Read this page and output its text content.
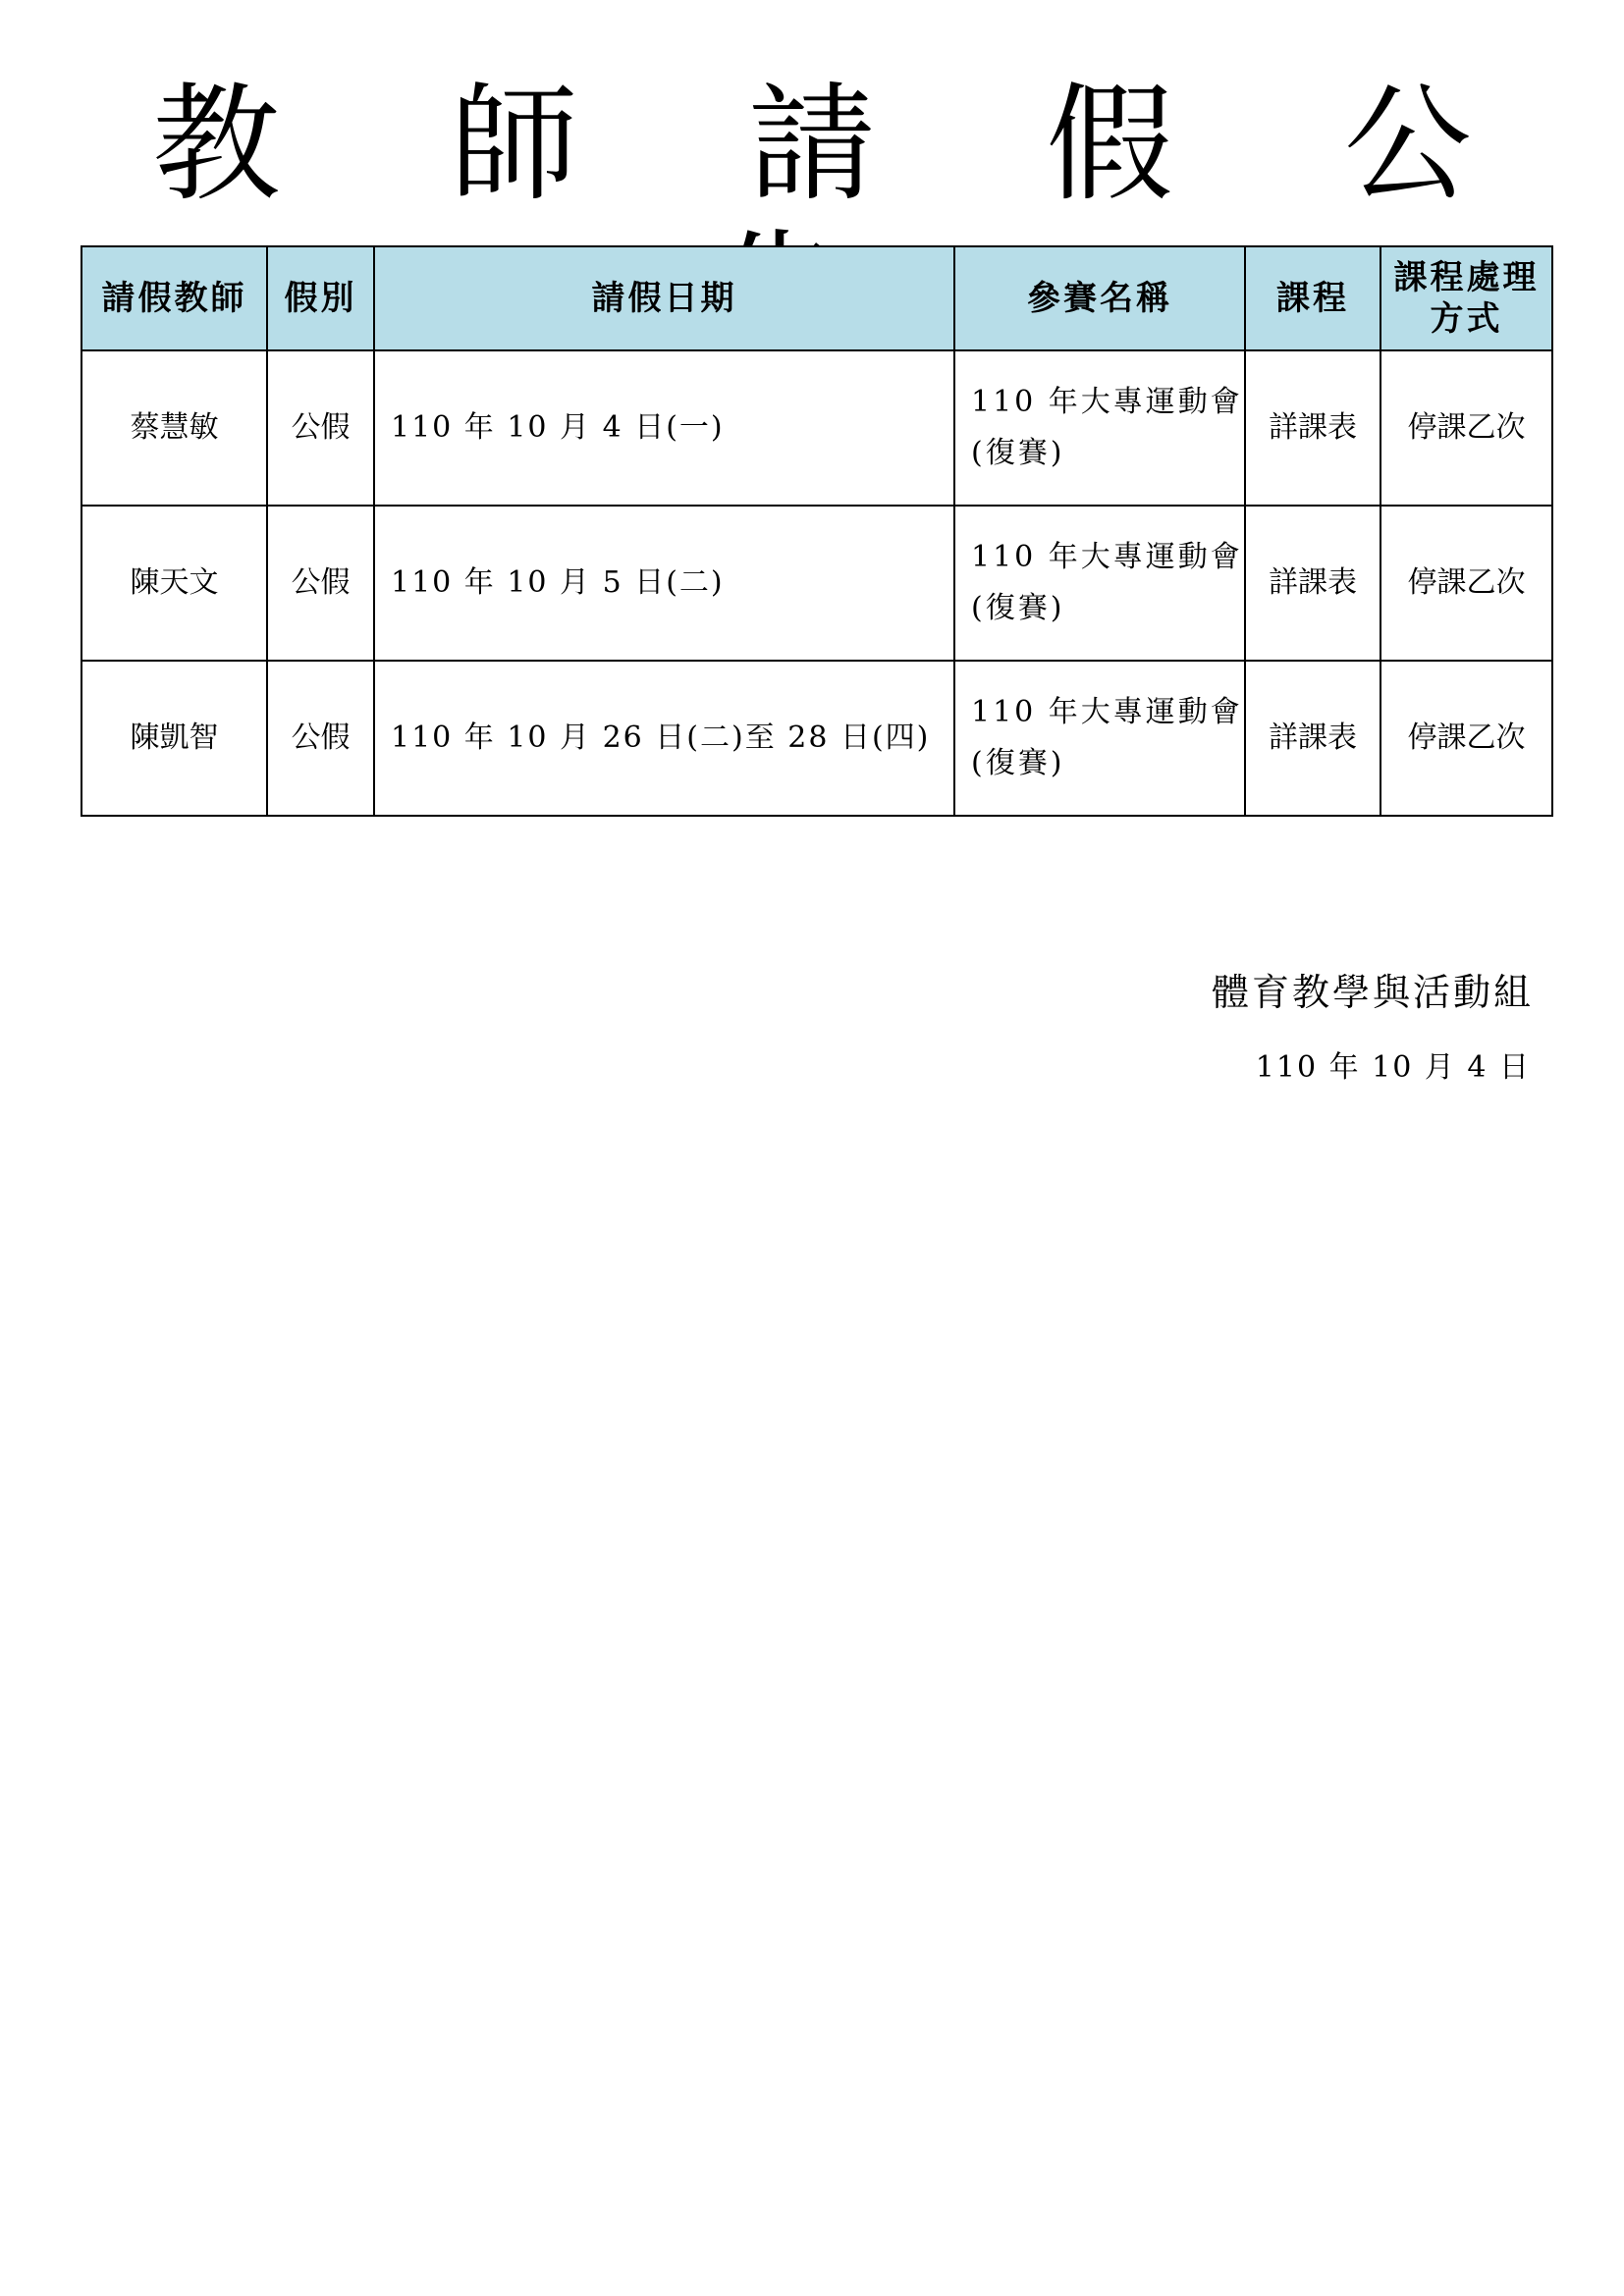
教 師 請 假 公
請假教師	假別	請假日期	參賽名稱	課程	課程處理方式
蔡慧敏	公假	110 年 10 月 4 日(一)	110 年大專運動會
(復賽)	詳課表	停課乙次
陳天文	公假	110 年 10 月 5 日(二)	110 年大專運動會
(復賽)	詳課表	停課乙次
陳凱智	公假	110 年 10 月 26 日(二)至 28 日(四)	110 年大專運動會
(復賽)	詳課表	停課乙次
體育教學與活動組
110 年 10 月 4 日
